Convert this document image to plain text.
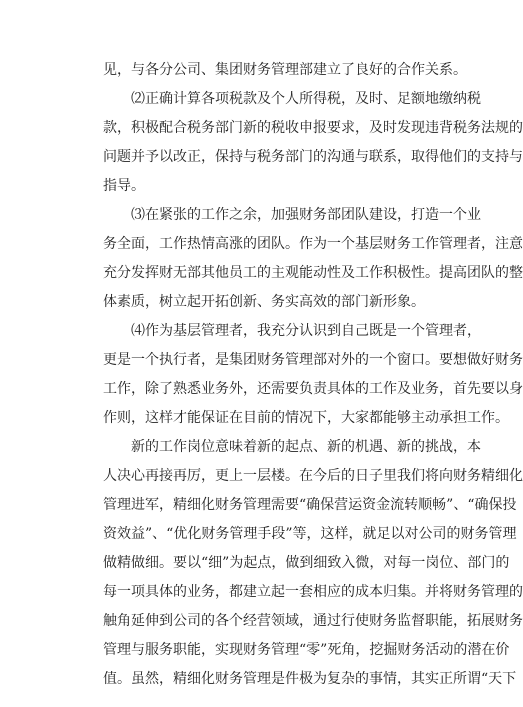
见，与各分公司、集团财务管理部建立了良好的合作关系。
⑵正确计算各项税款及个人所得税，及时、足额地缴纳税
款，积极配合税务部门新的税收申报要求，及时发现违背税务法规的
问题并予以改正，保持与税务部门的沟通与联系，取得他们的支持与
指导。
⑶在紧张的工作之余，加强财务部团队建设，打造一个业
务全面，工作热情高涨的团队。作为一个基层财务工作管理者，注意
充分发挥财无部其他员工的主观能动性及工作积极性。提高团队的整
体素质，树立起开拓创新、务实高效的部门新形象。
⑷作为基层管理者，我充分认识到自己既是一个管理者，
更是一个执行者，是集团财务管理部对外的一个窗口。要想做好财务
工作，除了熟悉业务外，还需要负责具体的工作及业务，首先要以身
作则，这样才能保证在目前的情况下，大家都能够主动承担工作。
新的工作岗位意味着新的起点、新的机遇、新的挑战，本
人决心再接再厉，更上一层楼。在今后的日子里我们将向财务精细化
管理进军，精细化财务管理需要“确保营运资金流转顺畅”、“确保投
资效益”、“优化财务管理手段”等，这样，就足以对公司的财务管理
做精做细。要以“细”为起点，做到细致入微，对每一岗位、部门的
每一项具体的业务，都建立起一套相应的成本归集。并将财务管理的
触角延伸到公司的各个经营领域，通过行使财务监督职能，拓展财务
管理与服务职能，实现财务管理“零”死角，挖掘财务活动的潜在价
值。虽然，精细化财务管理是件极为复杂的事情，其实正所谓“天下
